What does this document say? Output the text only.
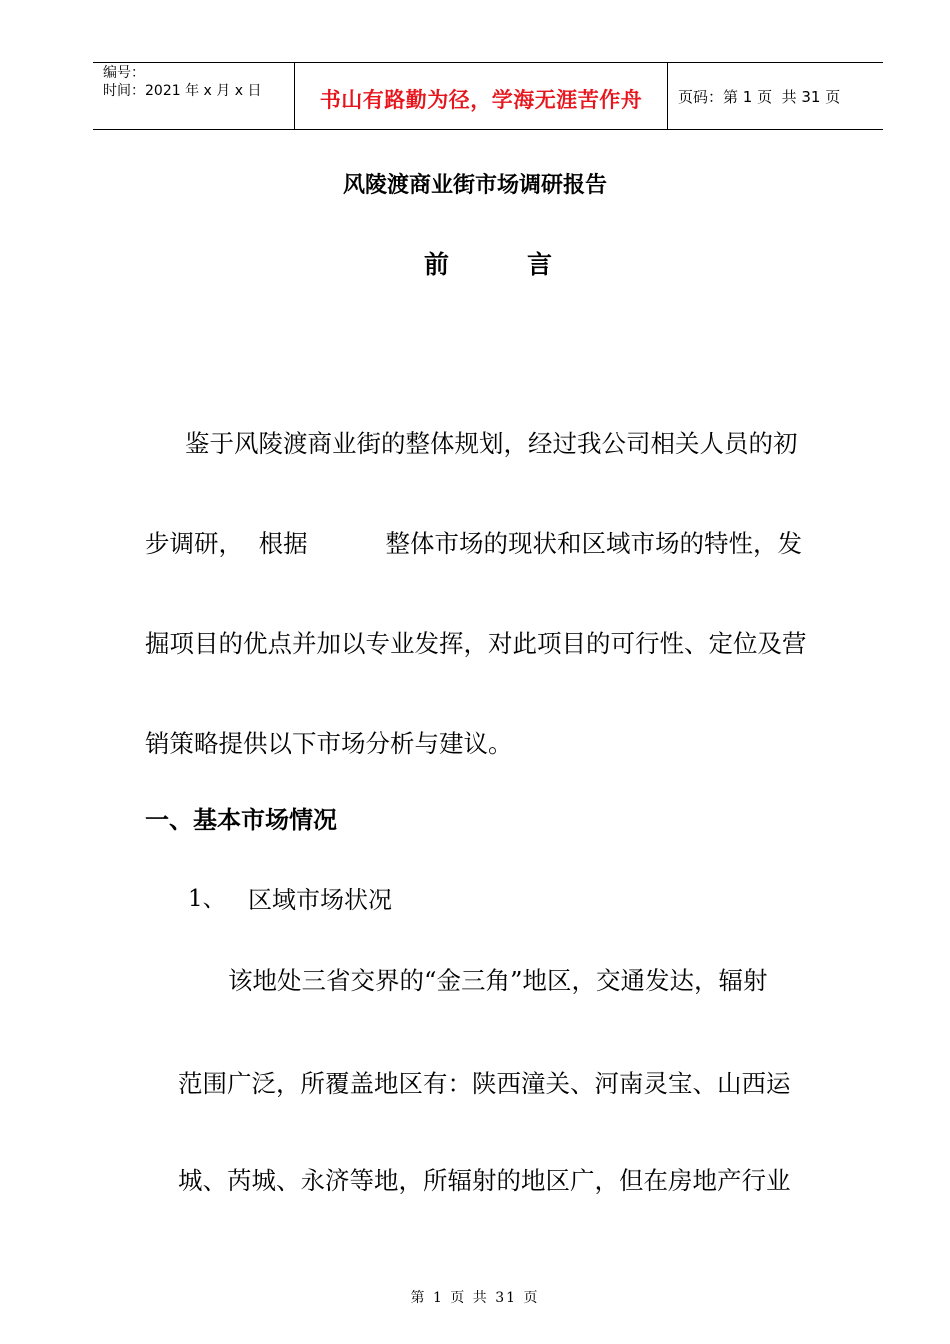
编号：
时间：2021 年 x 月 x 日	书山有路勤为径，学海无涯苦作舟	页码：第 1 页  共 31 页
风陵渡商业街市场调研报告
前	言
鉴于风陵渡商业街的整体规划，经过我公司相关人员的初
步调研，  根据          整体市场的现状和区域市场的特性，发
掘项目的优点并加以专业发挥，对此项目的可行性、定位及营
销策略提供以下市场分析与建议。
一、基本市场情况
1、 区域市场状况
该地处三省交界的“金三角”地区，交通发达，辐射
范围广泛，所覆盖地区有：陕西潼关、河南灵宝、山西运
城、芮城、永济等地，所辐射的地区广，但在房地产行业
第 1 页 共 31 页
